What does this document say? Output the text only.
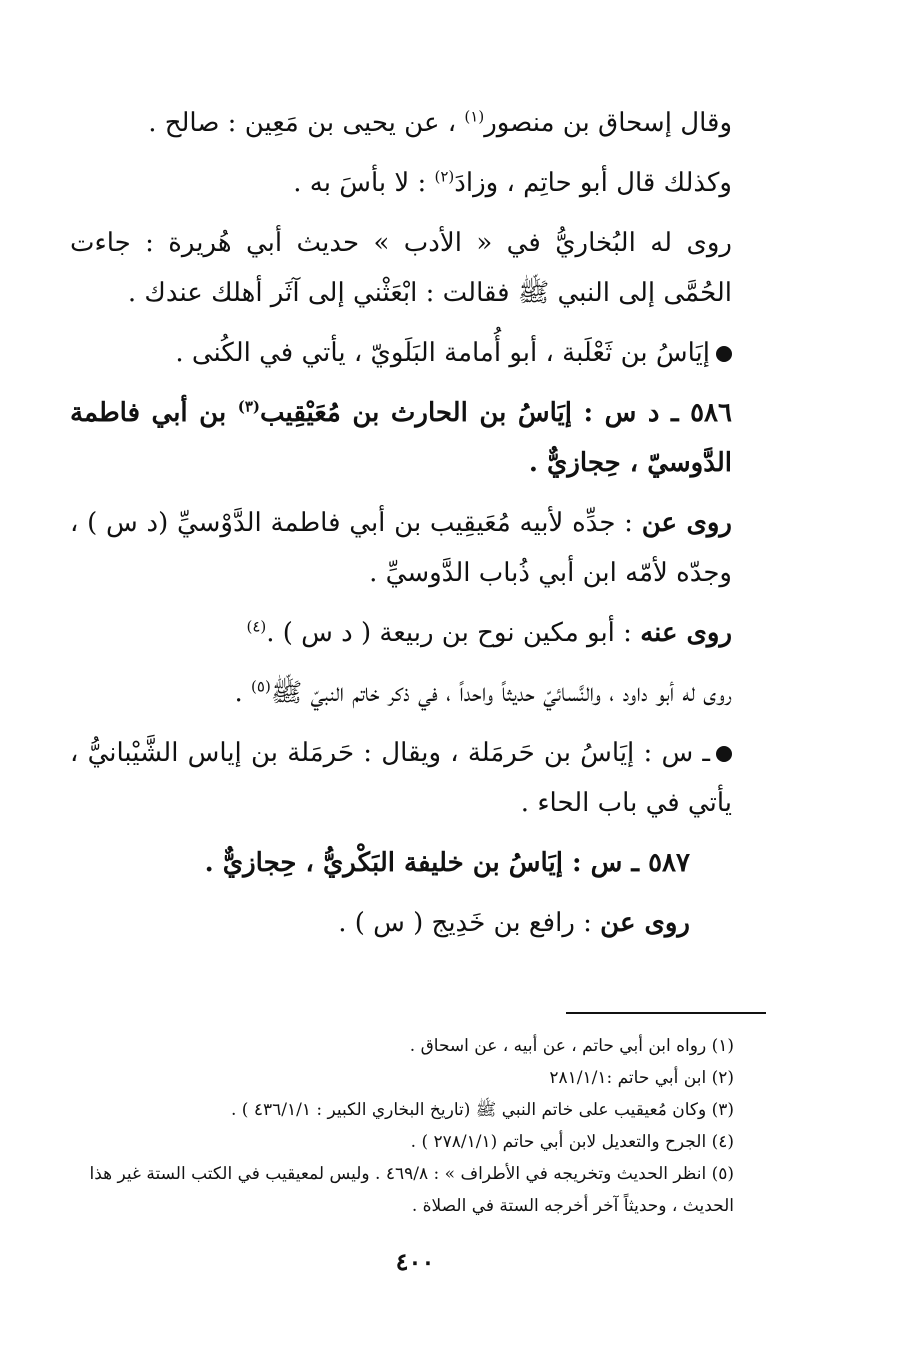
وقال إسحاق بن منصور$^{(١)}$ ، عن يحيى بن مَعِين : صالح .

وكذلك قال أبو حاتِم ، وزادَ$^{(٢)}$ : لا بأسَ به .

روى له البُخاريُّ في « الأدب » حديث أبي هُريرة : جاءت الحُمَّى إلى النبي ﷺ فقالت : ابْعَثْني إلى آثَر أهلك عندك .

إيَاسُ بن ثَعْلَبة ، أبو أُمامة البَلَويّ ، يأتي في الكُنى .

٥٨٦ ـ د س : إيَاسُ بن الحارث بن مُعَيْقِيب$^{(٣)}$ بن أبي فاطمة الدَّوسيّ ، حِجازيٌّ .

روى عن : جدِّه لأبيه مُعَيقِيب بن أبي فاطمة الدَّوْسيِّ (د س ) ، وجدّه لأمّه ابن أبي ذُباب الدَّوسيِّ .

روى عنه : أبو مكين نوح بن ربيعة ( د س ) .$^{(٤)}$

روى له أبو داود ، والنَّسائيّ حديثاً واحداً ، في ذكر خاتم النبيّ ﷺ$^{(٥)}$ .

ـ س : إيَاسُ بن حَرمَلة ، ويقال : حَرمَلة بن إياس الشَّيْبانيُّ ، يأتي في باب الحاء .

٥٨٧ ـ س : إيَاسُ بن خليفة البَكْريُّ ، حِجازيٌّ .

روى عن : رافع بن خَدِيج ( س ) .

(١) رواه ابن أبي حاتم ، عن أبيه ، عن اسحاق .

(٢) ابن أبي حاتم :٢٨١/١/١

(٣) وكان مُعيقيب على خاتم النبي ﷺ (تاريخ البخاري الكبير : ٤٣٦/١/١ ) .

(٤) الجرح والتعديل لابن أبي حاتم (٢٧٨/١/١ ) .

(٥) انظر الحديث وتخريجه في الأطراف » : ٤٦٩/٨ . وليس لمعيقيب في الكتب الستة غير هذا الحديث ، وحديثاً آخر أخرجه الستة في الصلاة .

٤٠٠
